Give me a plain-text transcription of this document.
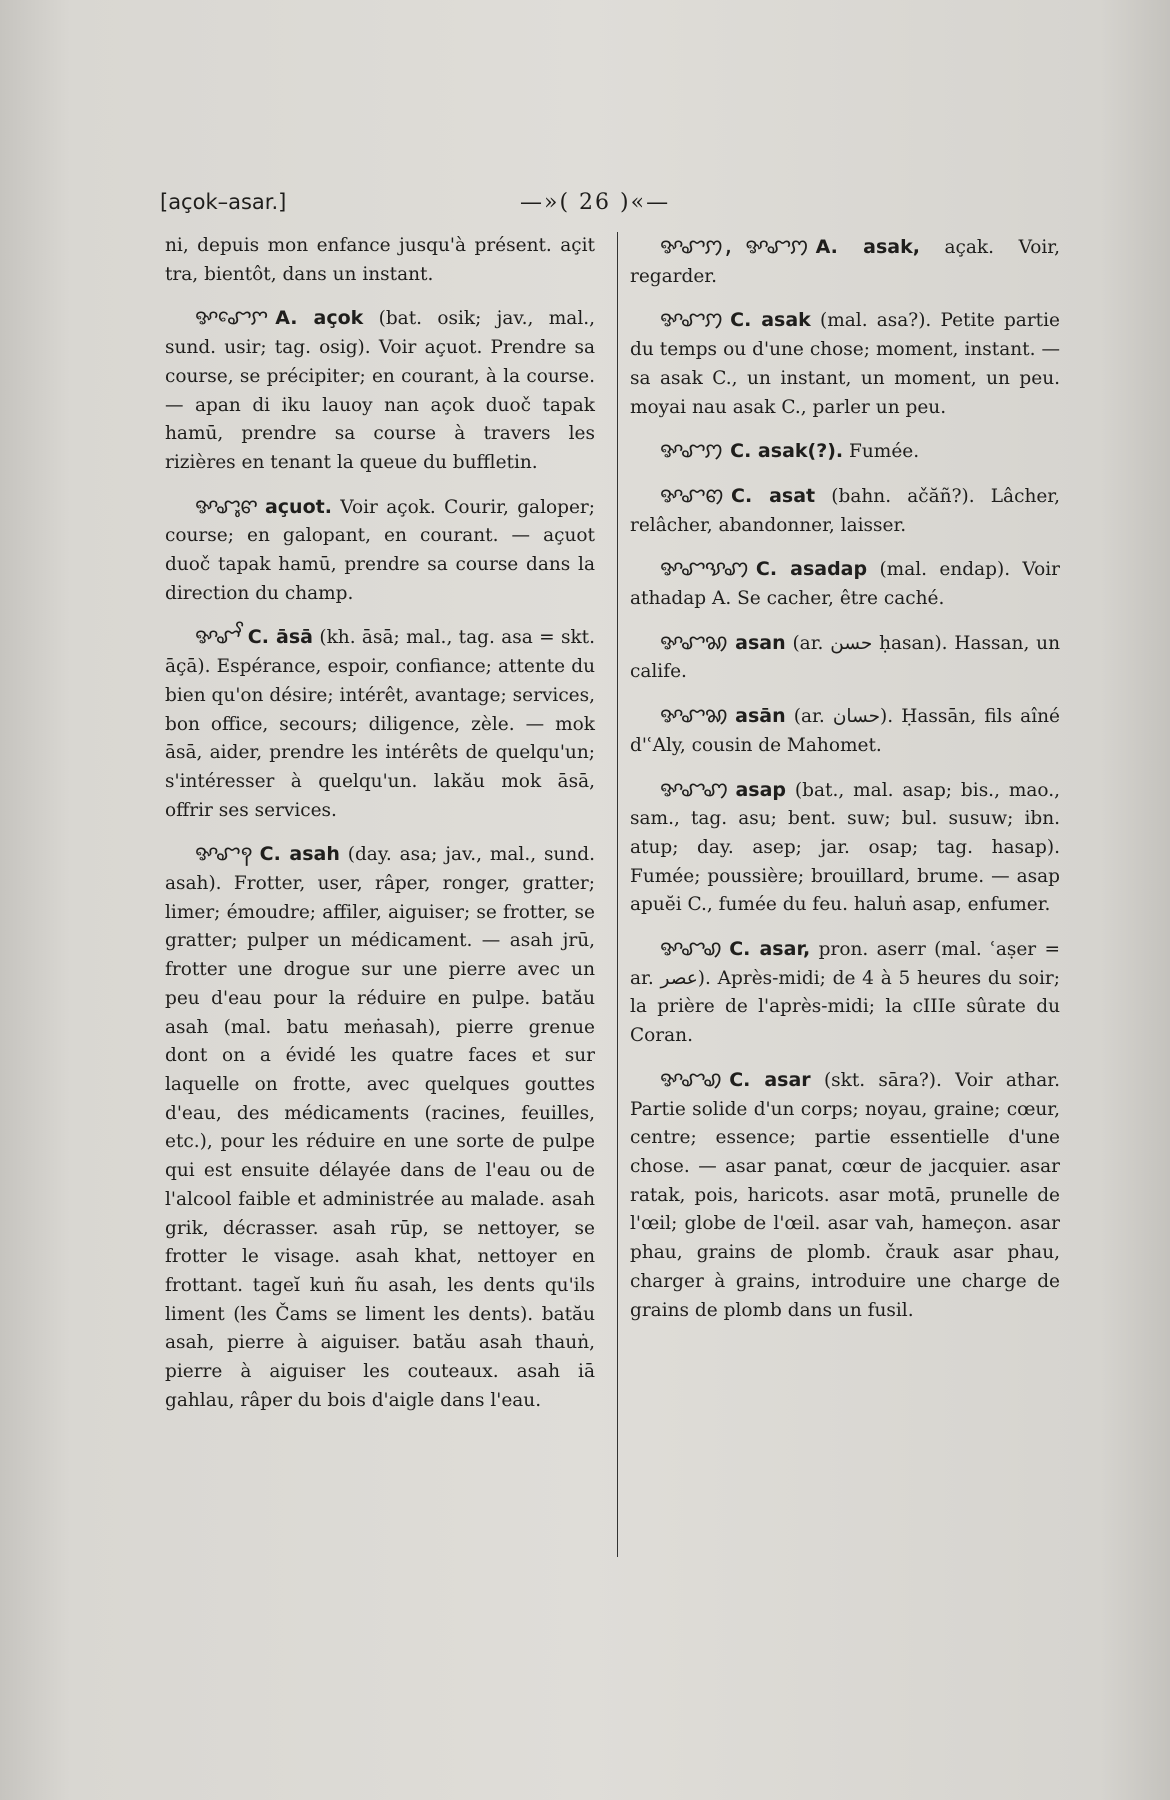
[açok–asar.]	—»( 26 )«—

ni, depuis mon enfance jusqu'à présent. açit tra, bientôt, dans un instant.

ꨀꨧꨯꨆ A. açok (bat. osik; jav., mal., sund. usir; tag. osig). Voir açuot. Prendre sa course, se précipiter; en courant, à la course. — apan di iku lauoy nan açok duoč tapak hamū, prendre sa course à travers les rizières en tenant la queue du buffletin.

ꨀꨧꨶꨓ açuot. Voir açok. Courir, galoper; course; en galopant, en courant. — açuot duoč tapak hamū, prendre sa course dans la direction du champ.

ꨀꨧꨩ C. āsā (kh. āsā; mal., tag. asa = skt. āçā). Espérance, espoir, confiance; attente du bien qu'on désire; intérêt, avantage; services, bon office, secours; diligence, zèle. — mok āsā, aider, prendre les intérêts de quelqu'un; s'intéresser à quelqu'un. lakău mok āsā, offrir ses services.

ꨀꨧꩍ C. asah (day. asa; jav., mal., sund. asah). Frotter, user, râper, ronger, gratter; limer; émoudre; affiler, aiguiser; se frotter, se gratter; pulper un médicament. — asah jrū, frotter une drogue sur une pierre avec un peu d'eau pour la réduire en pulpe. batău asah (mal. batu meṅasah), pierre grenue dont on a évidé les quatre faces et sur laquelle on frotte, avec quelques gouttes d'eau, des médicaments (racines, feuilles, etc.), pour les réduire en une sorte de pulpe qui est ensuite délayée dans de l'eau ou de l'alcool faible et administrée au malade. asah grik, décrasser. asah rūp, se nettoyer, se frotter le visage. asah khat, nettoyer en frottant. tageĭ kuṅ ñu asah, les dents qu'ils liment (les Čams se liment les dents). batău asah, pierre à aiguiser. batău asah thauṅ, pierre à aiguiser les couteaux. asah iā gahlau, râper du bois d'aigle dans l'eau.

ꨀꨧꩀ, ꨀꨧꩀ A. asak, açak. Voir, regarder.

ꨀꨧꩀ C. asak (mal. asa?). Petite partie du temps ou d'une chose; moment, instant. — sa asak C., un instant, un moment, un peu. moyai nau asak C., parler un peu.

ꨀꨧꩀ C. asak(?). Fumée.

ꨀꨧꩅ C. asat (bahn. ačăñ?). Lâcher, relâcher, abandonner, laisser.

ꨀꨧꨕꩇ C. asadap (mal. endap). Voir athadap A. Se cacher, être caché.

ꨀꨧꩆ asan (ar. حسن ḥasan). Hassan, un calife.

ꨀꨧꩆ asān (ar. حسان). Ḥassān, fils aîné d'ʿAly, cousin de Mahomet.

ꨀꨧꩇ asap (bat., mal. asap; bis., mao., sam., tag. asu; bent. suw; bul. susuw; ibn. atup; day. asep; jar. osap; tag. hasap). Fumée; poussière; brouillard, brume. — asap apuĕi C., fumée du feu. haluṅ asap, enfumer.

ꨀꨧꩉ C. asar, pron. aserr (mal. ʿaṣer = ar. عصر). Après-midi; de 4 à 5 heures du soir; la prière de l'après-midi; la cIIIe sûrate du Coran.

ꨀꨧꩉ C. asar (skt. sāra?). Voir athar. Partie solide d'un corps; noyau, graine; cœur, centre; essence; partie essentielle d'une chose. — asar panat, cœur de jacquier. asar ratak, pois, haricots. asar motā, prunelle de l'œil; globe de l'œil. asar vah, hameçon. asar phau, grains de plomb. črauk asar phau, charger à grains, introduire une charge de grains de plomb dans un fusil.
